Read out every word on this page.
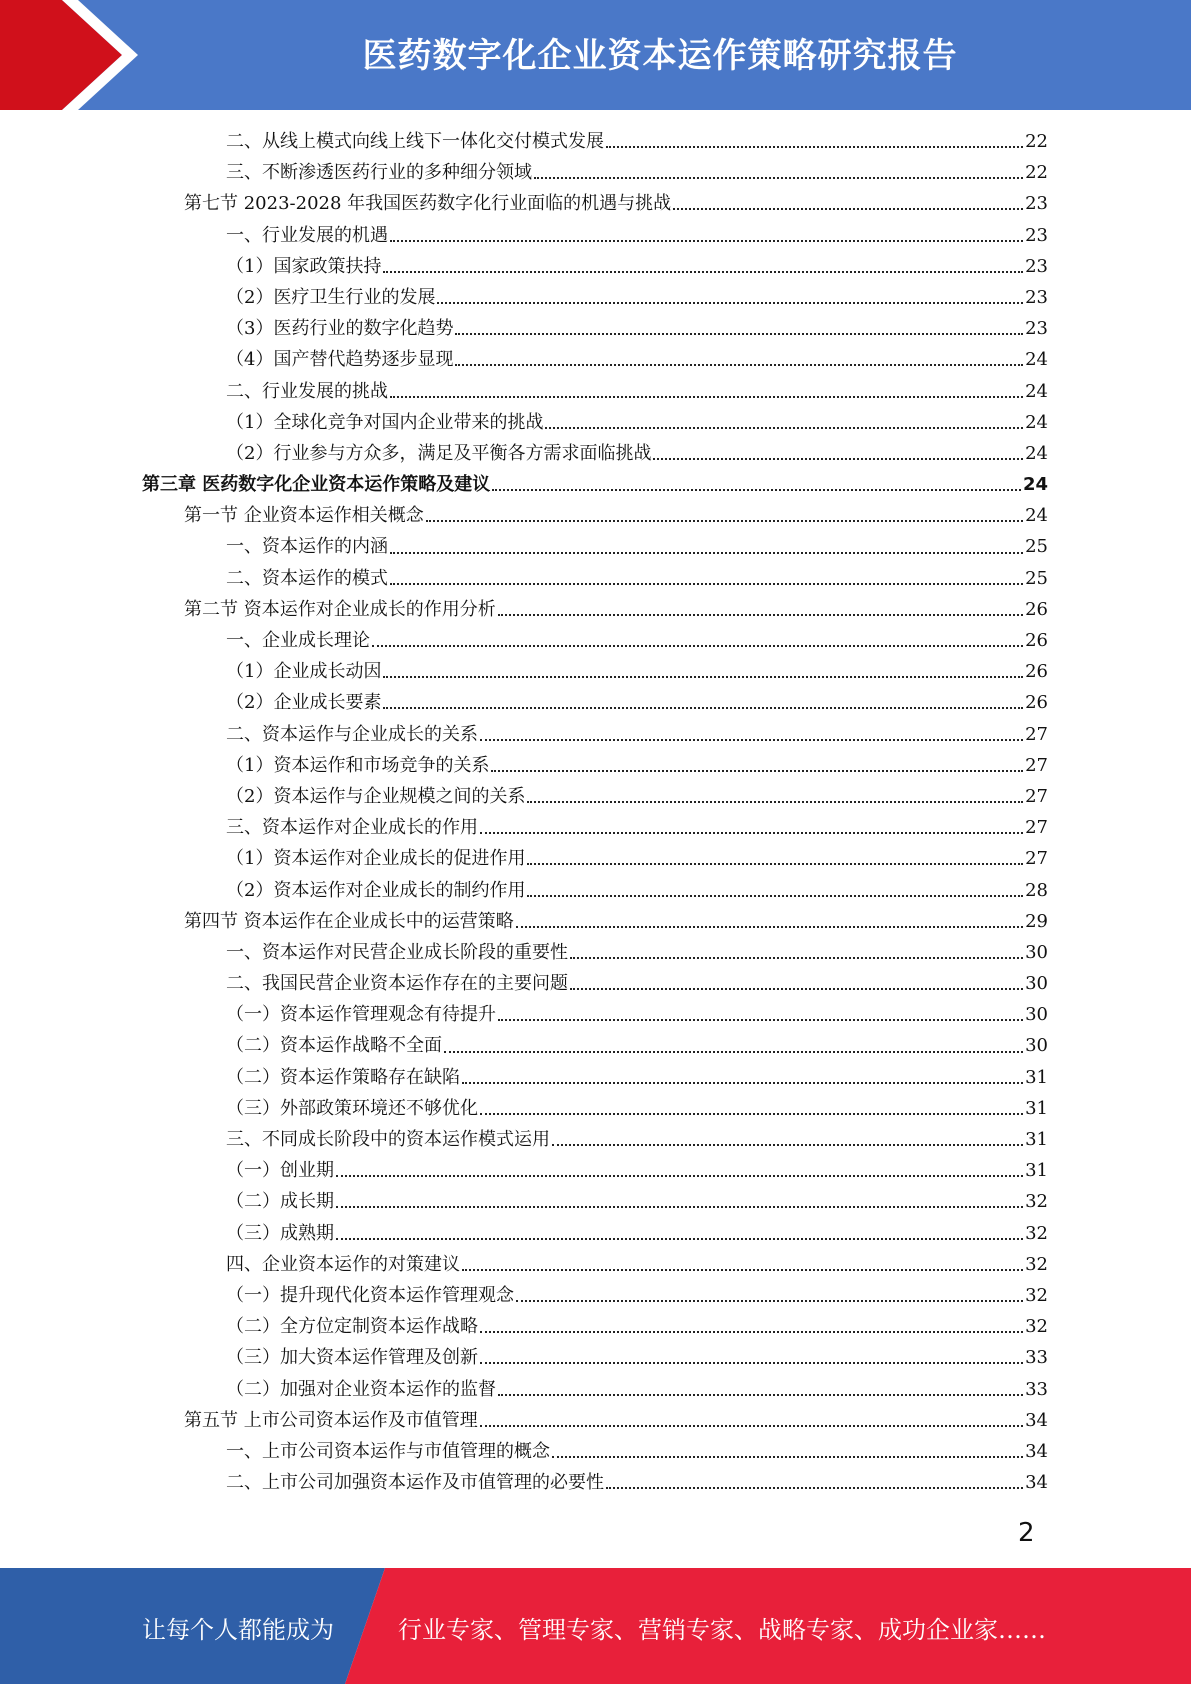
医药数字化企业资本运作策略研究报告
二、从线上模式向线上线下一体化交付模式发展	22
三、不断渗透医药行业的多种细分领域	22
第七节 2023-2028 年我国医药数字化行业面临的机遇与挑战	23
一、行业发展的机遇	23
（1）国家政策扶持	23
（2）医疗卫生行业的发展	23
（3）医药行业的数字化趋势	23
（4）国产替代趋势逐步显现	24
二、行业发展的挑战	24
（1）全球化竞争对国内企业带来的挑战	24
（2）行业参与方众多，满足及平衡各方需求面临挑战	24
第三章 医药数字化企业资本运作策略及建议	24
第一节 企业资本运作相关概念	24
一、资本运作的内涵	25
二、资本运作的模式	25
第二节 资本运作对企业成长的作用分析	26
一、企业成长理论	26
（1）企业成长动因	26
（2）企业成长要素	26
二、资本运作与企业成长的关系	27
（1）资本运作和市场竞争的关系	27
（2）资本运作与企业规模之间的关系	27
三、资本运作对企业成长的作用	27
（1）资本运作对企业成长的促进作用	27
（2）资本运作对企业成长的制约作用	28
第四节 资本运作在企业成长中的运营策略	29
一、资本运作对民营企业成长阶段的重要性	30
二、我国民营企业资本运作存在的主要问题	30
（一）资本运作管理观念有待提升	30
（二）资本运作战略不全面	30
（二）资本运作策略存在缺陷	31
（三）外部政策环境还不够优化	31
三、不同成长阶段中的资本运作模式运用	31
（一）创业期	31
（二）成长期	32
（三）成熟期	32
四、企业资本运作的对策建议	32
（一）提升现代化资本运作管理观念	32
（二）全方位定制资本运作战略	32
（三）加大资本运作管理及创新	33
（二）加强对企业资本运作的监督	33
第五节 上市公司资本运作及市值管理	34
一、上市公司资本运作与市值管理的概念	34
二、上市公司加强资本运作及市值管理的必要性	34
2
让每个人都能成为	行业专家、管理专家、营销专家、战略专家、成功企业家……
